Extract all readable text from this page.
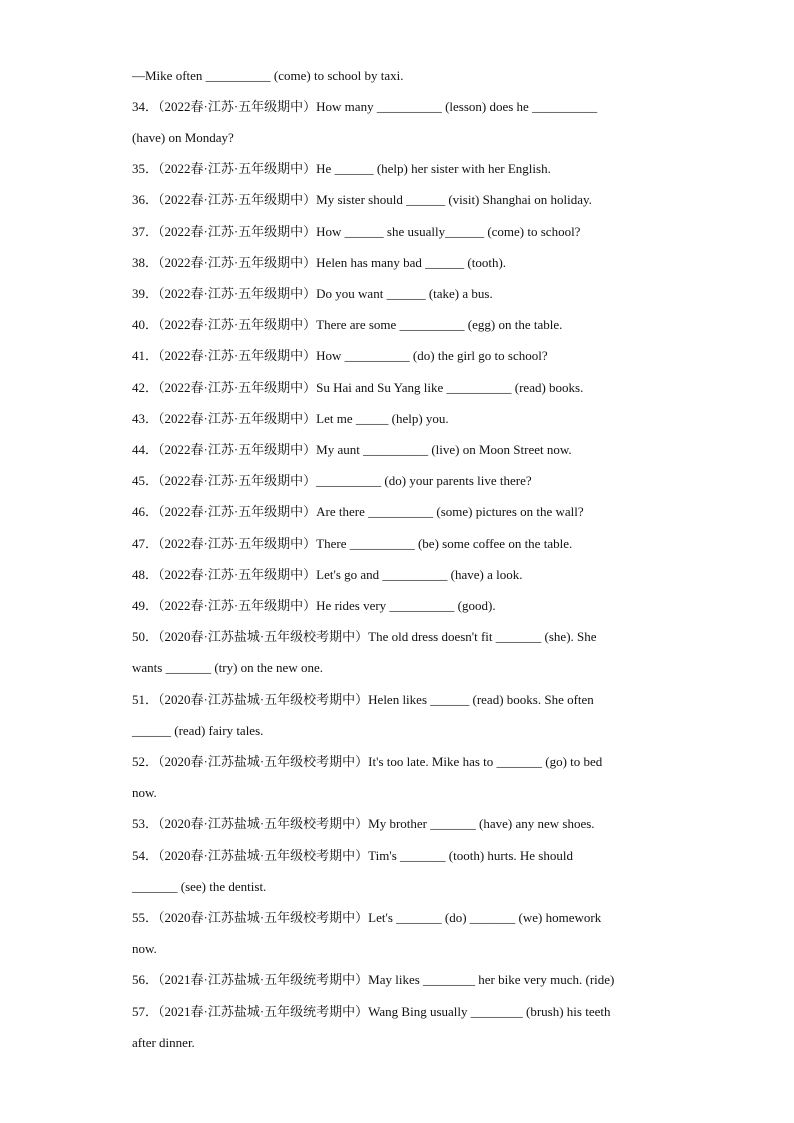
—Mike often __________ (come) to school by taxi.
34．（2022春·江苏·五年级期中）How many __________ (lesson) does he __________
(have) on Monday?
35．（2022春·江苏·五年级期中）He ______ (help) her sister with her English.
36．（2022春·江苏·五年级期中）My sister should ______ (visit) Shanghai on holiday.
37．（2022春·江苏·五年级期中）How ______ she usually______ (come) to school?
38．（2022春·江苏·五年级期中）Helen has many bad ______ (tooth).
39．（2022春·江苏·五年级期中）Do you want ______ (take) a bus.
40．（2022春·江苏·五年级期中）There are some __________ (egg) on the table.
41．（2022春·江苏·五年级期中）How __________ (do) the girl go to school?
42．（2022春·江苏·五年级期中）Su Hai and Su Yang like __________ (read) books.
43．（2022春·江苏·五年级期中）Let me _____ (help) you.
44．（2022春·江苏·五年级期中）My aunt __________ (live) on Moon Street now.
45．（2022春·江苏·五年级期中）__________ (do) your parents live there?
46．（2022春·江苏·五年级期中）Are there __________ (some) pictures on the wall?
47．（2022春·江苏·五年级期中）There __________ (be) some coffee on the table.
48．（2022春·江苏·五年级期中）Let's go and __________ (have) a look.
49．（2022春·江苏·五年级期中）He rides very __________ (good).
50．（2020春·江苏盐城·五年级校考期中）The old dress doesn't fit _______ (she). She
wants _______ (try) on the new one.
51．（2020春·江苏盐城·五年级校考期中）Helen likes ______ (read) books. She often
______ (read) fairy tales.
52．（2020春·江苏盐城·五年级校考期中）It's too late. Mike has to _______ (go) to bed
now.
53．（2020春·江苏盐城·五年级校考期中）My brother _______ (have) any new shoes.
54．（2020春·江苏盐城·五年级校考期中）Tim's _______ (tooth) hurts. He should
_______ (see) the dentist.
55．（2020春·江苏盐城·五年级校考期中）Let's _______ (do) _______ (we) homework
now.
56．（2021春·江苏盐城·五年级统考期中）May likes ________ her bike very much. (ride)
57．（2021春·江苏盐城·五年级统考期中）Wang Bing usually ________ (brush) his teeth
after dinner.
